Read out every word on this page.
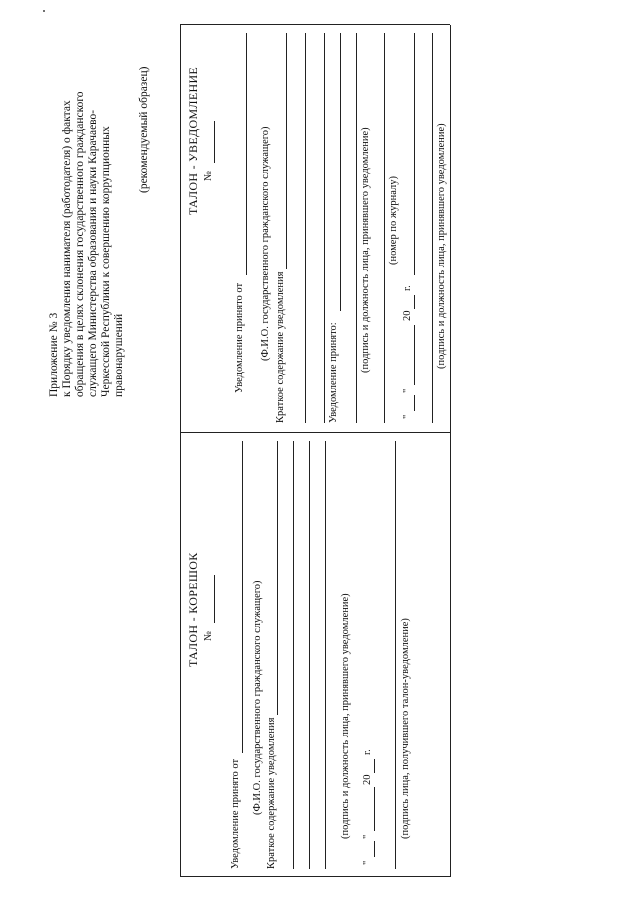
Приложение № 3 к Порядку уведомления нанимателя (работодателя) о фактах обращения в целях склонения государственного гражданского служащего Министерства образования и науки Карачаево- Черкесской Республики к совершению коррупционных правонарушений
(рекомендуемый образец)
ТАЛОН - КОРЕШОК №
Уведомление принято от (Ф.И.О. государственного гражданского служащего) Краткое содержание уведомления	(подпись и должность лица, принявшего уведомление)
"
"
20
г.	(подпись лица, получившего талон-уведомление)
ТАЛОН - УВЕДОМЛЕНИЕ №
Уведомление принято от (Ф.И.О. государственного гражданского служащего) Краткое содержание уведомления	Уведомление принято: (подпись и должность лица, принявшего уведомление) (номер по журналу)
"
"
20
г. (подпись и должность лица, принявшего уведомление)
